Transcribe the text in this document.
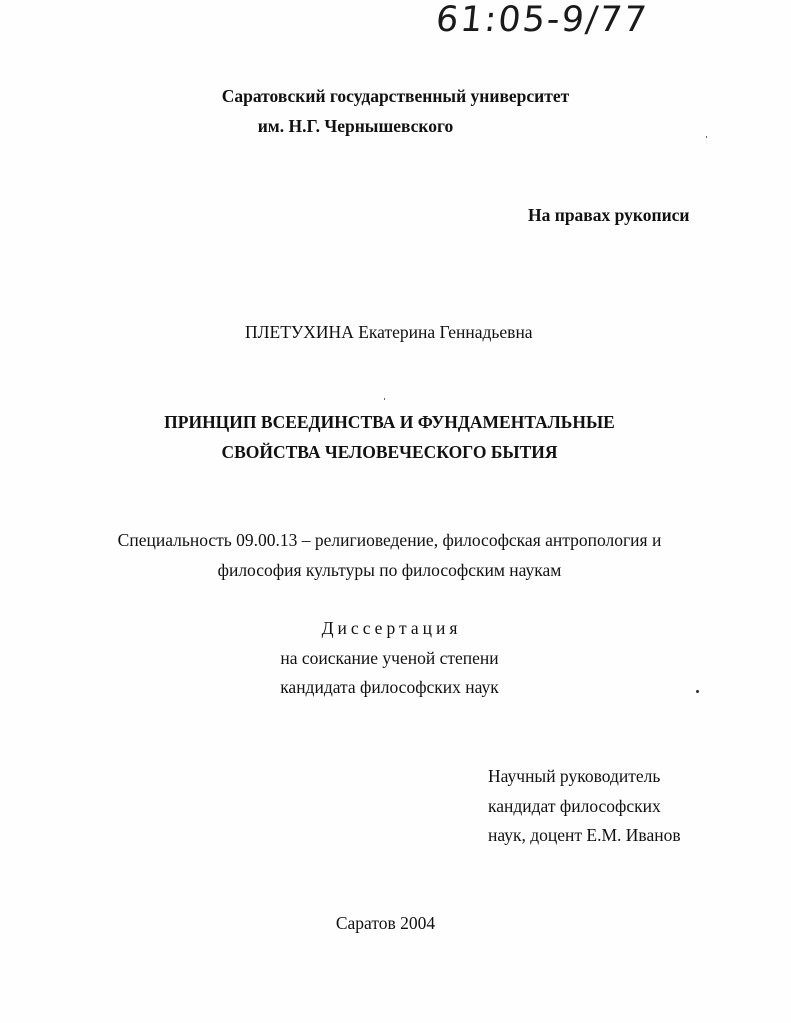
61:05-9/77
Саратовский государственный университет
им. Н.Г. Чернышевского
На правах рукописи
ПЛЕТУХИНА Екатерина Геннадьевна
ПРИНЦИП ВСЕЕДИНСТВА И ФУНДАМЕНТАЛЬНЫЕ
СВОЙСТВА ЧЕЛОВЕЧЕСКОГО БЫТИЯ
Специальность 09.00.13 – религиоведение, философская антропология и
философия культуры по философским наукам
Диссертация
на соискание ученой степени
кандидата философских наук
Научный руководитель
кандидат философских
наук, доцент Е.М. Иванов
Саратов 2004
